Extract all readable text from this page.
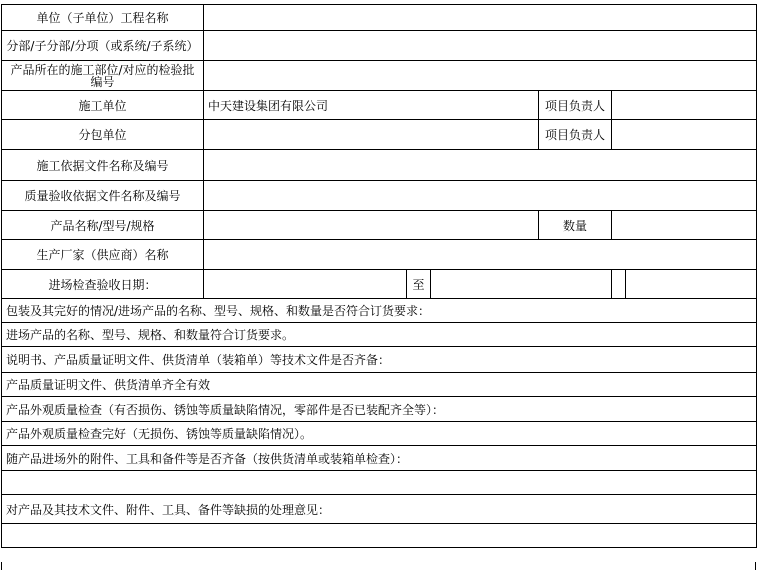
单位（子单位）工程名称						
分部/子分部/分项（或系统/子系统）						
产品所在的施工部位/对应的检验批编号						
施工单位	中天建设集团有限公司			项目负责人		
分包单位				项目负责人		
施工依据文件名称及编号						
质量验收依据文件名称及编号						
产品名称/型号/规格				数量		
生产厂家（供应商）名称						
进场检查验收日期：		至				
包装及其完好的情况/进场产品的名称、型号、规格、和数量是否符合订货要求：						
进场产品的名称、型号、规格、和数量符合订货要求。						
说明书、产品质量证明文件、供货清单（装箱单）等技术文件是否齐备：						
产品质量证明文件、供货清单齐全有效						
产品外观质量检查（有否损伤、锈蚀等质量缺陷情况，零部件是否已装配齐全等）：						
产品外观质量检查完好（无损伤、锈蚀等质量缺陷情况）。						
随产品进场外的附件、工具和备件等是否齐备（按供货清单或装箱单检查）：						

对产品及其技术文件、附件、工具、备件等缺损的处理意见：						
